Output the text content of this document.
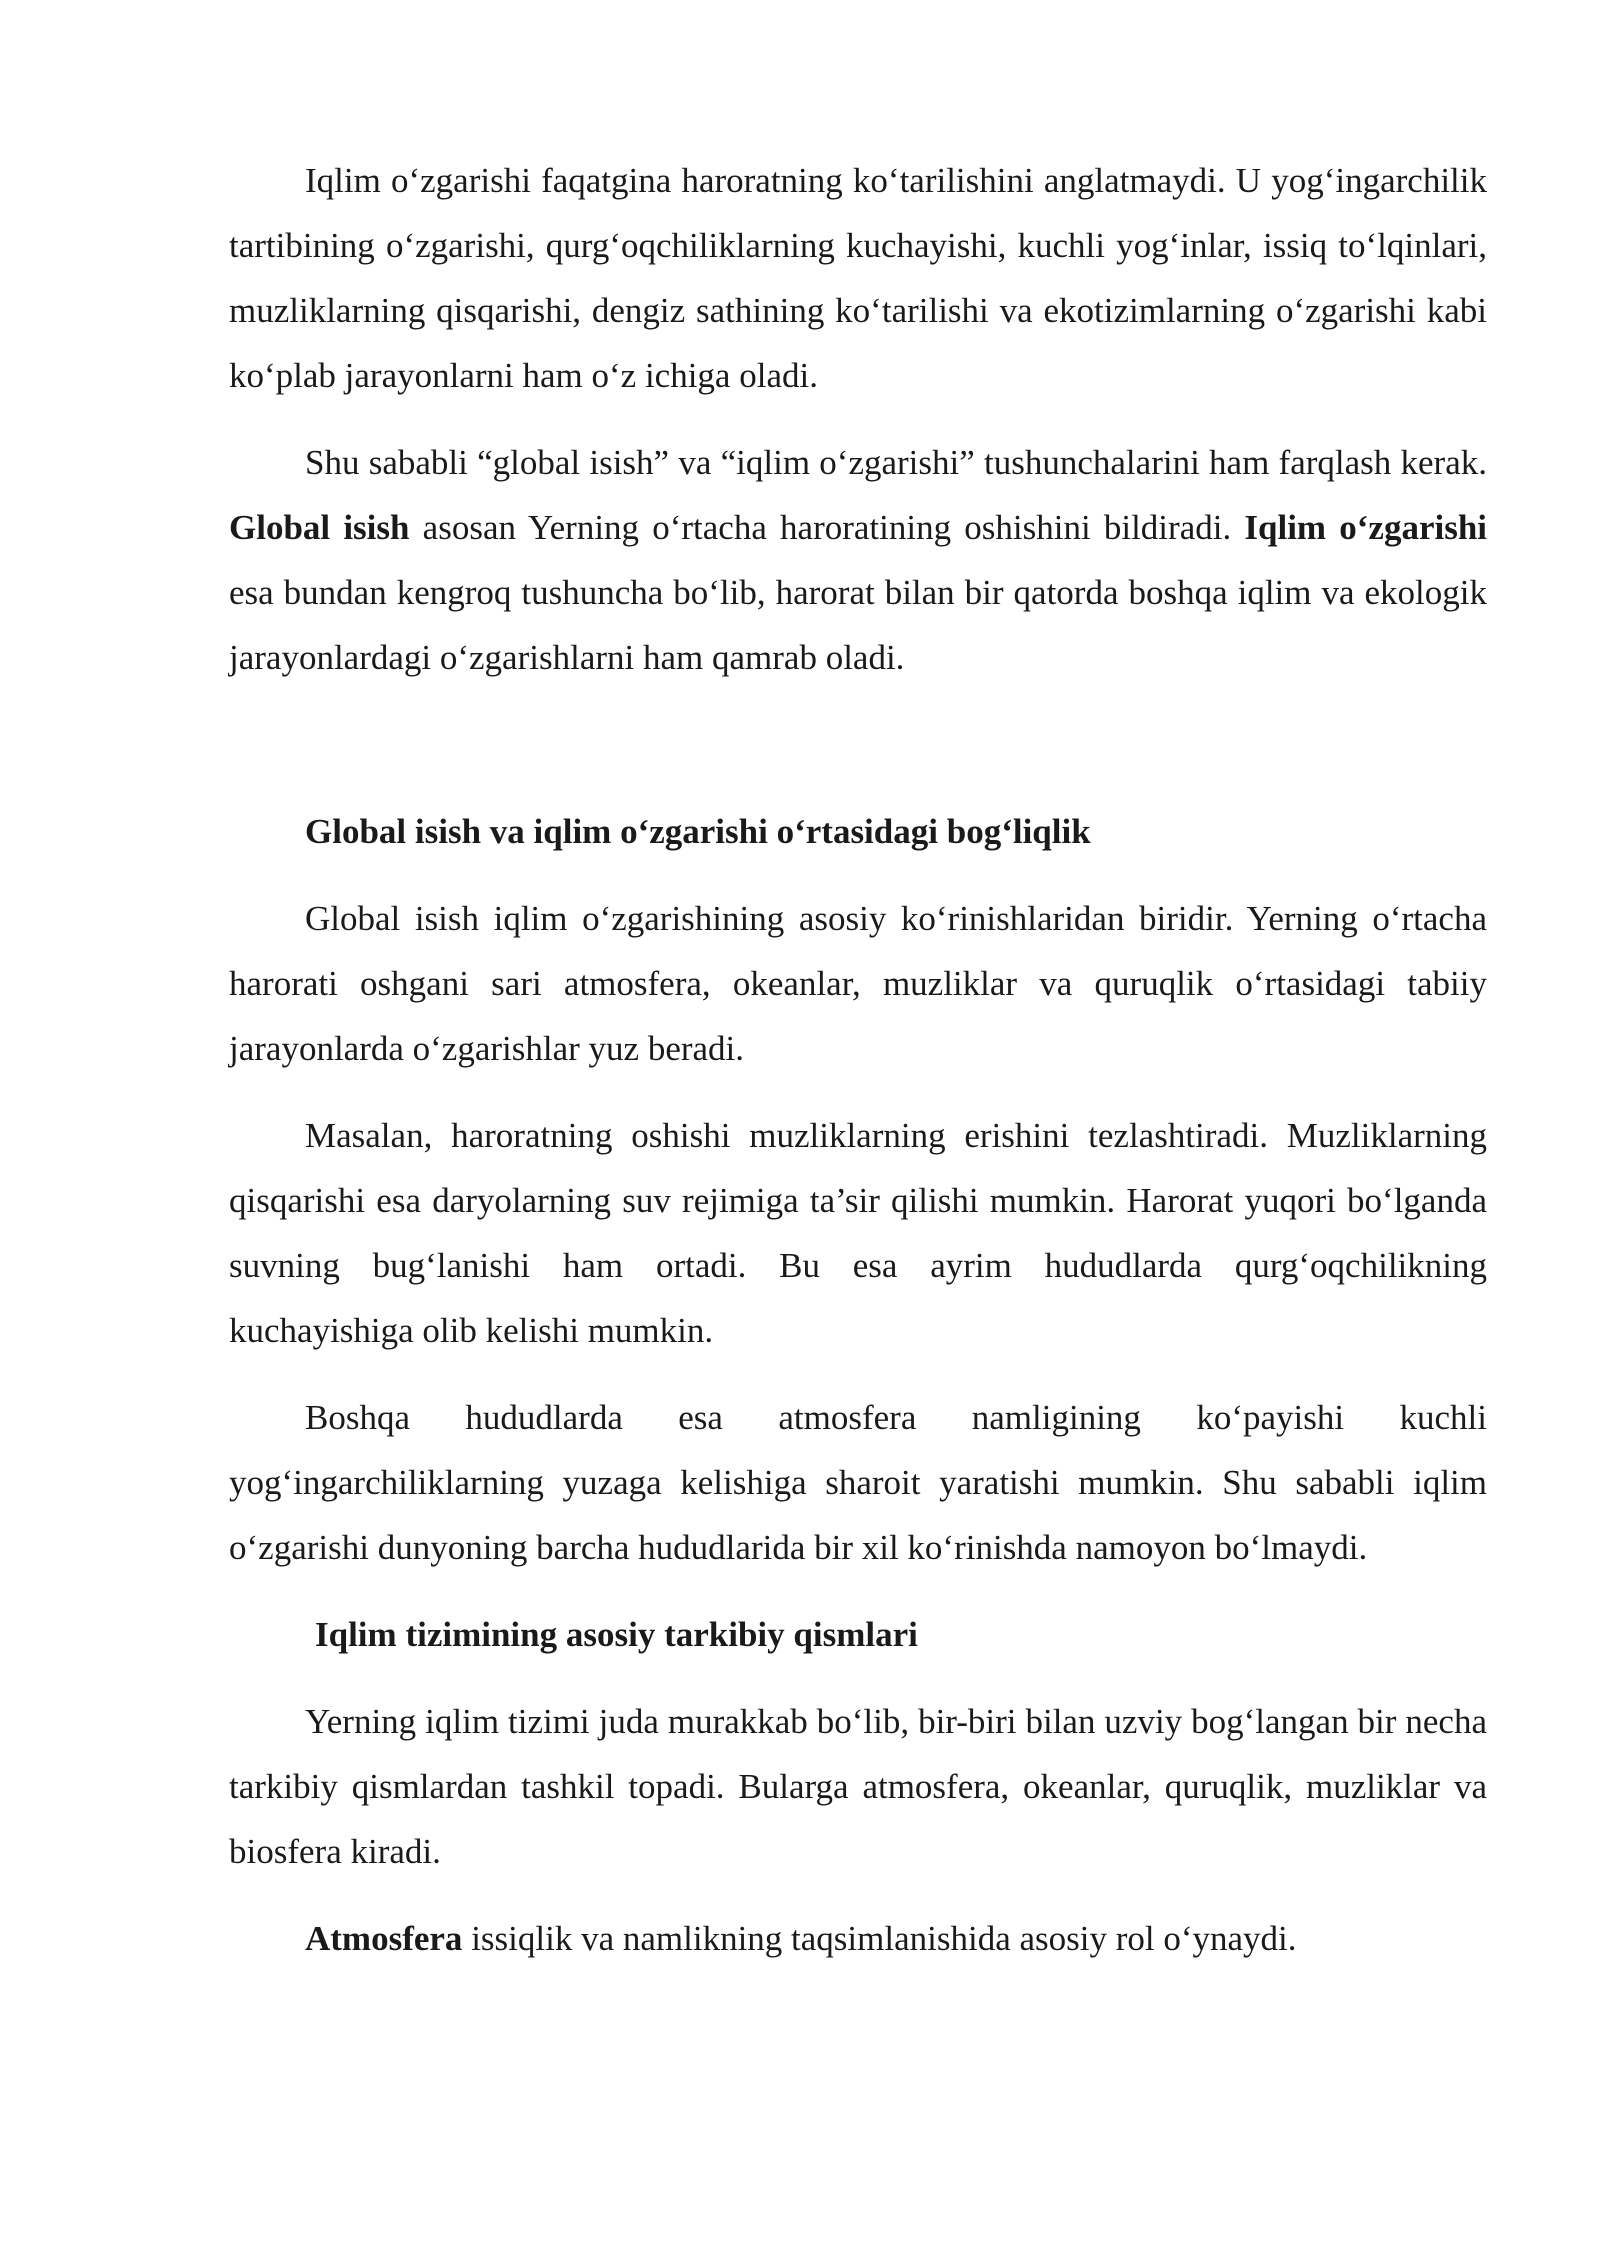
Iqlim o‘zgarishi faqatgina haroratning ko‘tarilishini anglatmaydi. U yog‘ingarchilik tartibining o‘zgarishi, qurg‘oqchiliklarning kuchayishi, kuchli yog‘inlar, issiq to‘lqinlari, muzliklarning qisqarishi, dengiz sathining ko‘tarilishi va ekotizimlarning o‘zgarishi kabi ko‘plab jarayonlarni ham o‘z ichiga oladi.

Shu sababli “global isish” va “iqlim o‘zgarishi” tushunchalarini ham farqlash kerak. Global isish asosan Yerning o‘rtacha haroratining oshishini bildiradi. Iqlim o‘zgarishi esa bundan kengroq tushuncha bo‘lib, harorat bilan bir qatorda boshqa iqlim va ekologik jarayonlardagi o‘zgarishlarni ham qamrab oladi.

Global isish va iqlim o‘zgarishi o‘rtasidagi bog‘liqlik

Global isish iqlim o‘zgarishining asosiy ko‘rinishlaridan biridir. Yerning o‘rtacha harorati oshgani sari atmosfera, okeanlar, muzliklar va quruqlik o‘rtasidagi tabiiy jarayonlarda o‘zgarishlar yuz beradi.

Masalan, haroratning oshishi muzliklarning erishini tezlashtiradi. Muzliklarning qisqarishi esa daryolarning suv rejimiga ta’sir qilishi mumkin. Harorat yuqori bo‘lganda suvning bug‘lanishi ham ortadi. Bu esa ayrim hududlarda qurg‘oqchilikning kuchayishiga olib kelishi mumkin.

Boshqa hududlarda esa atmosfera namligining ko‘payishi kuchli yog‘ingarchiliklarning yuzaga kelishiga sharoit yaratishi mumkin. Shu sababli iqlim o‘zgarishi dunyoning barcha hududlarida bir xil ko‘rinishda namoyon bo‘lmaydi.

Iqlim tizimining asosiy tarkibiy qismlari

Yerning iqlim tizimi juda murakkab bo‘lib, bir-biri bilan uzviy bog‘langan bir necha tarkibiy qismlardan tashkil topadi. Bularga atmosfera, okeanlar, quruqlik, muzliklar va biosfera kiradi.

Atmosfera issiqlik va namlikning taqsimlanishida asosiy rol o‘ynaydi.
